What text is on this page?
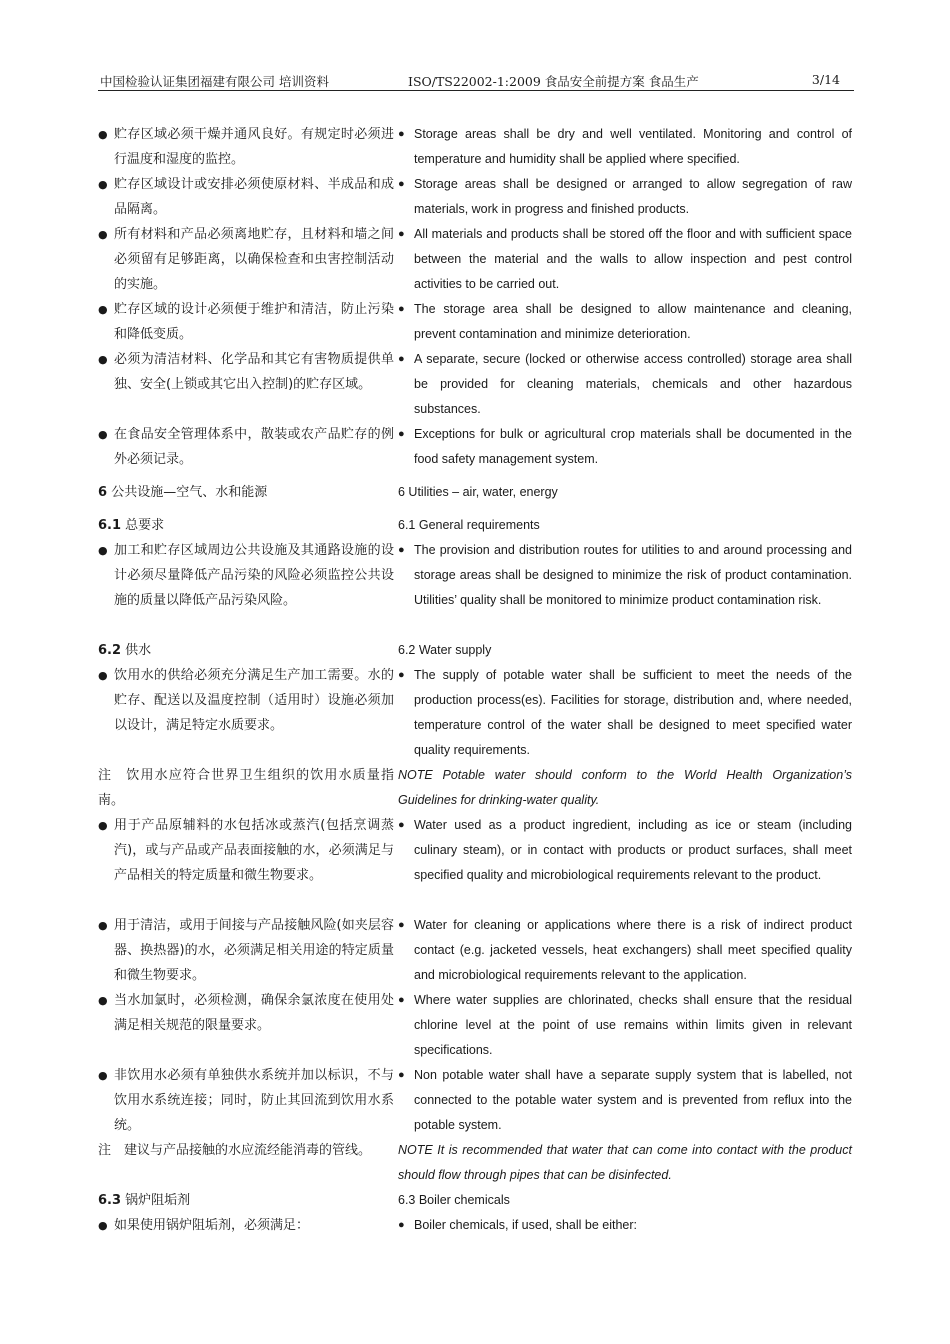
中国检验认证集团福建有限公司 培训资料	ISO/TS22002-1:2009 食品安全前提方案 食品生产	3/14
● 贮存区域必须干燥并通风良好。有规定时必须进行温度和湿度的监控。
● 贮存区域设计或安排必须使原材料、半成品和成品隔离。
● 所有材料和产品必须离地贮存，且材料和墙之间必须留有足够距离，以确保检查和虫害控制活动的实施。
● 贮存区域的设计必须便于维护和清洁，防止污染和降低变质。
● 必须为清洁材料、化学品和其它有害物质提供单独、安全(上锁或其它出入控制)的贮存区域。
● 在食品安全管理体系中，散装或农产品贮存的例外必须记录。
6 公共设施—空气、水和能源
6.1 总要求
● 加工和贮存区域周边公共设施及其通路设施的设计必须尽量降低产品污染的风险必须监控公共设施的质量以降低产品污染风险。
6.2 供水
● 饮用水的供给必须充分满足生产加工需要。水的贮存、配送以及温度控制（适用时）设施必须加以设计，满足特定水质要求。
注　饮用水应符合世界卫生组织的饮用水质量指南。
● 用于产品原辅料的水包括冰或蒸汽(包括烹调蒸汽)，或与产品或产品表面接触的水，必须满足与产品相关的特定质量和微生物要求。
● 用于清洁，或用于间接与产品接触风险(如夹层容器、换热器)的水，必须满足相关用途的特定质量和微生物要求。
● 当水加氯时，必须检测，确保余氯浓度在使用处满足相关规范的限量要求。
● 非饮用水必须有单独供水系统并加以标识，不与饮用水系统连接；同时，防止其回流到饮用水系统。
注　建议与产品接触的水应流经能消毒的管线。
6.3 锅炉阻垢剂
● 如果使用锅炉阻垢剂，必须满足：
● Storage areas shall be dry and well ventilated. Monitoring and control of temperature and humidity shall be applied where specified.
● Storage areas shall be designed or arranged to allow segregation of raw materials, work in progress and finished products.
● All materials and products shall be stored off the floor and with sufficient space between the material and the walls to allow inspection and pest control activities to be carried out.
● The storage area shall be designed to allow maintenance and cleaning, prevent contamination and minimize deterioration.
● A separate, secure (locked or otherwise access controlled) storage area shall be provided for cleaning materials, chemicals and other hazardous substances.
● Exceptions for bulk or agricultural crop materials shall be documented in the food safety management system.
6 Utilities – air, water, energy
6.1 General requirements
● The provision and distribution routes for utilities to and around processing and storage areas shall be designed to minimize the risk of product contamination. Utilities’ quality shall be monitored to minimize product contamination risk.
6.2 Water supply
● The supply of potable water shall be sufficient to meet the needs of the production process(es). Facilities for storage, distribution and, where needed, temperature control of the water shall be designed to meet specified water quality requirements.
NOTE Potable water should conform to the World Health Organization’s Guidelines for drinking-water quality.
● Water used as a product ingredient, including as ice or steam (including culinary steam), or in contact with products or product surfaces, shall meet specified quality and microbiological requirements relevant to the product.
● Water for cleaning or applications where there is a risk of indirect product contact (e.g. jacketed vessels, heat exchangers) shall meet specified quality and microbiological requirements relevant to the application.
● Where water supplies are chlorinated, checks shall ensure that the residual chlorine level at the point of use remains within limits given in relevant specifications.
● Non potable water shall have a separate supply system that is labelled, not connected to the potable water system and is prevented from reflux into the potable system.
NOTE It is recommended that water that can come into contact with the product should flow through pipes that can be disinfected.
6.3 Boiler chemicals
● Boiler chemicals, if used, shall be either:
